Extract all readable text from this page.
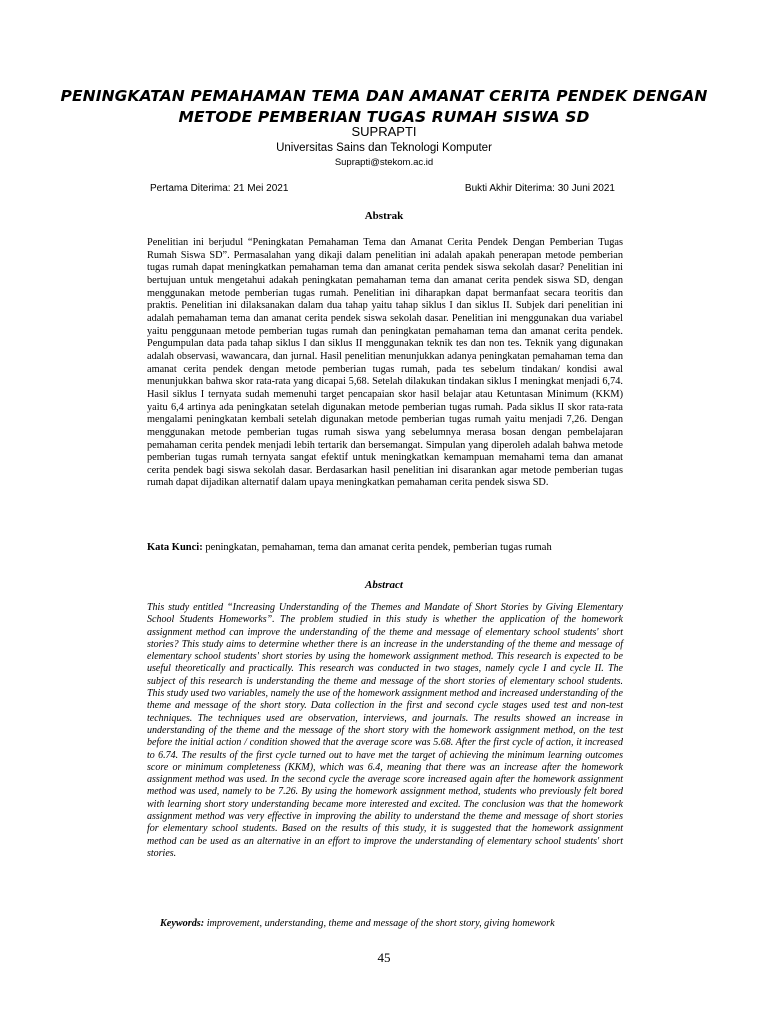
PENINGKATAN PEMAHAMAN TEMA DAN AMANAT CERITA PENDEK DENGAN METODE PEMBERIAN TUGAS RUMAH SISWA SD
SUPRAPTI
Universitas Sains dan Teknologi Komputer
Suprapti@stekom.ac.id
Pertama Diterima: 21 Mei 2021	Bukti Akhir Diterima: 30 Juni 2021
Abstrak
Penelitian ini berjudul “Peningkatan Pemahaman Tema dan Amanat Cerita Pendek Dengan Pemberian Tugas Rumah Siswa SD”. Permasalahan yang dikaji dalam penelitian ini adalah apakah penerapan metode pemberian tugas rumah dapat meningkatkan pemahaman tema dan amanat cerita pendek siswa sekolah dasar? Penelitian ini bertujuan untuk mengetahui adakah peningkatan pemahaman tema dan amanat cerita pendek siswa SD, dengan menggunakan metode pemberian tugas rumah. Penelitian ini diharapkan dapat bermanfaat secara teoritis dan praktis. Penelitian ini dilaksanakan dalam dua tahap yaitu tahap siklus I dan siklus II. Subjek dari penelitian ini adalah pemahaman tema dan amanat cerita pendek siswa sekolah dasar. Penelitian ini menggunakan dua variabel yaitu penggunaan metode pemberian tugas rumah dan peningkatan pemahaman tema dan amanat cerita pendek. Pengumpulan data pada tahap siklus I dan siklus II menggunakan teknik tes dan non tes. Teknik yang digunakan adalah observasi, wawancara, dan jurnal. Hasil penelitian menunjukkan adanya peningkatan pemahaman tema dan amanat cerita pendek dengan metode pemberian tugas rumah, pada tes sebelum tindakan/ kondisi awal menunjukkan bahwa skor rata-rata yang dicapai 5,68. Setelah dilakukan tindakan siklus I meningkat menjadi 6,74. Hasil siklus I ternyata sudah memenuhi target pencapaian skor hasil belajar atau Ketuntasan Minimum (KKM) yaitu 6,4 artinya ada peningkatan setelah digunakan metode pemberian tugas rumah. Pada siklus II skor rata-rata mengalami peningkatan kembali setelah digunakan metode pemberian tugas rumah yaitu menjadi 7,26. Dengan menggunakan metode pemberian tugas rumah siswa yang sebelumnya merasa bosan dengan pembelajaran pemahaman cerita pendek menjadi lebih tertarik dan bersemangat. Simpulan yang diperoleh adalah bahwa metode pemberian tugas rumah ternyata sangat efektif untuk meningkatkan kemampuan memahami tema dan amanat cerita pendek bagi siswa sekolah dasar. Berdasarkan hasil penelitian ini disarankan agar metode pemberian tugas rumah dapat dijadikan alternatif dalam upaya meningkatkan pemahaman cerita pendek siswa SD.
Kata Kunci: peningkatan, pemahaman, tema dan amanat cerita pendek, pemberian tugas rumah
Abstract
This study entitled “Increasing Understanding of the Themes and Mandate of Short Stories by Giving Elementary School Students Homeworks”. The problem studied in this study is whether the application of the homework assignment method can improve the understanding of the theme and message of elementary school students' short stories? This study aims to determine whether there is an increase in the understanding of the theme and message of elementary school students' short stories by using the homework assignment method. This research is expected to be useful theoretically and practically. This research was conducted in two stages, namely cycle I and cycle II. The subject of this research is understanding the theme and message of the short stories of elementary school students. This study used two variables, namely the use of the homework assignment method and increased understanding of the theme and message of the short story. Data collection in the first and second cycle stages used test and non-test techniques. The techniques used are observation, interviews, and journals. The results showed an increase in understanding of the theme and the message of the short story with the homework assignment method, on the test before the initial action / condition showed that the average score was 5.68. After the first cycle of action, it increased to 6.74. The results of the first cycle turned out to have met the target of achieving the minimum learning outcomes score or minimum completeness (KKM), which was 6.4, meaning that there was an increase after the homework assignment method was used. In the second cycle the average score increased again after the homework assignment method was used, namely to be 7.26. By using the homework assignment method, students who previously felt bored with learning short story understanding became more interested and excited. The conclusion was that the homework assignment method was very effective in improving the ability to understand the theme and message of short stories for elementary school students. Based on the results of this study, it is suggested that the homework assignment method can be used as an alternative in an effort to improve the understanding of elementary school students' short stories.
Keywords: improvement, understanding, theme and message of the short story, giving homework
45
